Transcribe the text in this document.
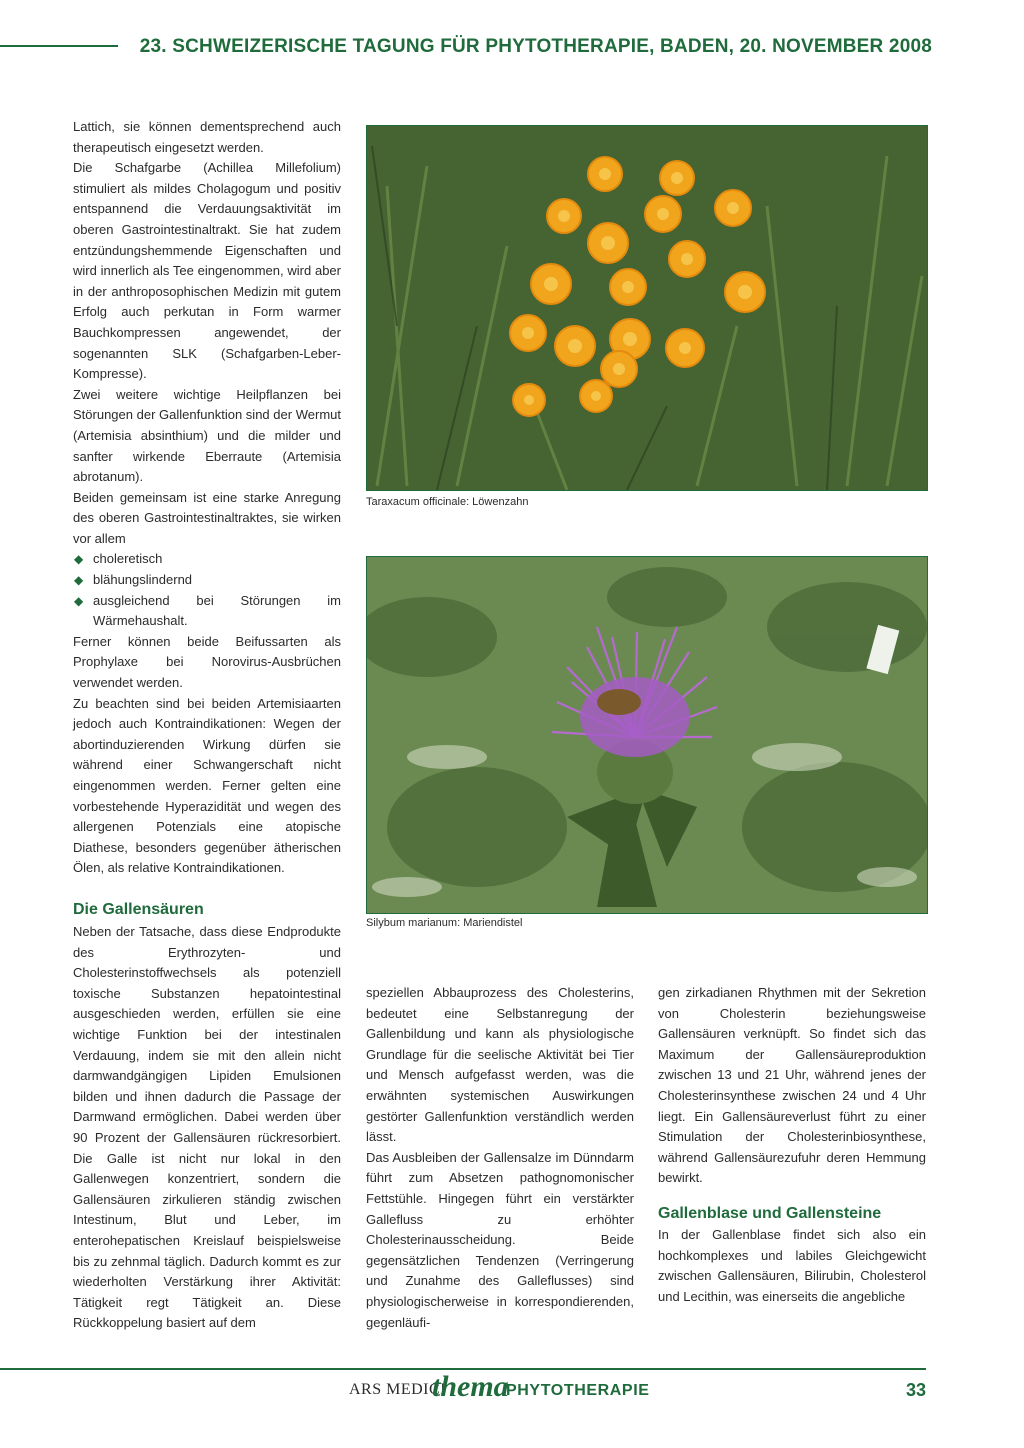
23. SCHWEIZERISCHE TAGUNG FÜR PHYTOTHERAPIE, BADEN, 20. NOVEMBER 2008

Lattich, sie können dementsprechend auch therapeutisch eingesetzt werden.

Die Schafgarbe (Achillea Millefolium) stimuliert als mildes Cholagogum und positiv entspannend die Verdauungsaktivität im oberen Gastrointestinaltrakt. Sie hat zudem entzündungshemmende Eigenschaften und wird innerlich als Tee eingenommen, wird aber in der anthroposophischen Medizin mit gutem Erfolg auch perkutan in Form warmer Bauchkompressen angewendet, der sogenannten SLK (Schafgarben-Leber-Kompresse).

Zwei weitere wichtige Heilpflanzen bei Störungen der Gallenfunktion sind der Wermut (Artemisia absinthium) und die milder und sanfter wirkende Eberraute (Artemisia abrotanum).

Beiden gemeinsam ist eine starke Anregung des oberen Gastrointestinaltraktes, sie wirken vor allem

◆ choleretisch
◆ blähungslindernd
◆ ausgleichend bei Störungen im Wärmehaushalt.

Ferner können beide Beifussarten als Prophylaxe bei Norovirus-Ausbrüchen verwendet werden.

Zu beachten sind bei beiden Artemisiaarten jedoch auch Kontraindikationen: Wegen der abortinduzierenden Wirkung dürfen sie während einer Schwangerschaft nicht eingenommen werden. Ferner gelten eine vorbestehende Hyperazidität und wegen des allergenen Potenzials eine atopische Diathese, besonders gegenüber ätherischen Ölen, als relative Kontraindikationen.

Die Gallensäuren

Neben der Tatsache, dass diese Endprodukte des Erythrozyten- und Cholesterinstoffwechsels als potenziell toxische Substanzen hepatointestinal ausgeschieden werden, erfüllen sie eine wichtige Funktion bei der intestinalen Verdauung, indem sie mit den allein nicht darmwandgängigen Lipiden Emulsionen bilden und ihnen dadurch die Passage der Darmwand ermöglichen. Dabei werden über 90 Prozent der Gallensäuren rückresorbiert. Die Galle ist nicht nur lokal in den Gallenwegen konzentriert, sondern die Gallensäuren zirkulieren ständig zwischen Intestinum, Blut und Leber, im enterohepatischen Kreislauf beispielsweise bis zu zehnmal täglich. Dadurch kommt es zur wiederholten Verstärkung ihrer Aktivität: Tätigkeit regt Tätigkeit an. Diese Rückkoppelung basiert auf dem

Taraxacum officinale: Löwenzahn
Silybum marianum: Mariendistel

speziellen Abbauprozess des Cholesterins, bedeutet eine Selbstanregung der Gallenbildung und kann als physiologische Grundlage für die seelische Aktivität bei Tier und Mensch aufgefasst werden, was die erwähnten systemischen Auswirkungen gestörter Gallenfunktion verständlich werden lässt.

Das Ausbleiben der Gallensalze im Dünndarm führt zum Absetzen pathognomonischer Fettstühle. Hingegen führt ein verstärkter Gallefluss zu erhöhter Cholesterinausscheidung. Beide gegensätzlichen Tendenzen (Verringerung und Zunahme des Galleflusses) sind physiologischerweise in korrespondierenden, gegenläufi-

gen zirkadianen Rhythmen mit der Sekretion von Cholesterin beziehungsweise Gallensäuren verknüpft. So findet sich das Maximum der Gallensäureproduktion zwischen 13 und 21 Uhr, während jenes der Cholesterinsynthese zwischen 24 und 4 Uhr liegt. Ein Gallensäureverlust führt zu einer Stimulation der Cholesterinbiosynthese, während Gallensäurezufuhr deren Hemmung bewirkt.

Gallenblase und Gallensteine

In der Gallenblase findet sich also ein hochkomplexes und labiles Gleichgewicht zwischen Gallensäuren, Bilirubin, Cholesterol und Lecithin, was einerseits die angebliche

ARS MEDICI
thema
PHYTOTHERAPIE	33
